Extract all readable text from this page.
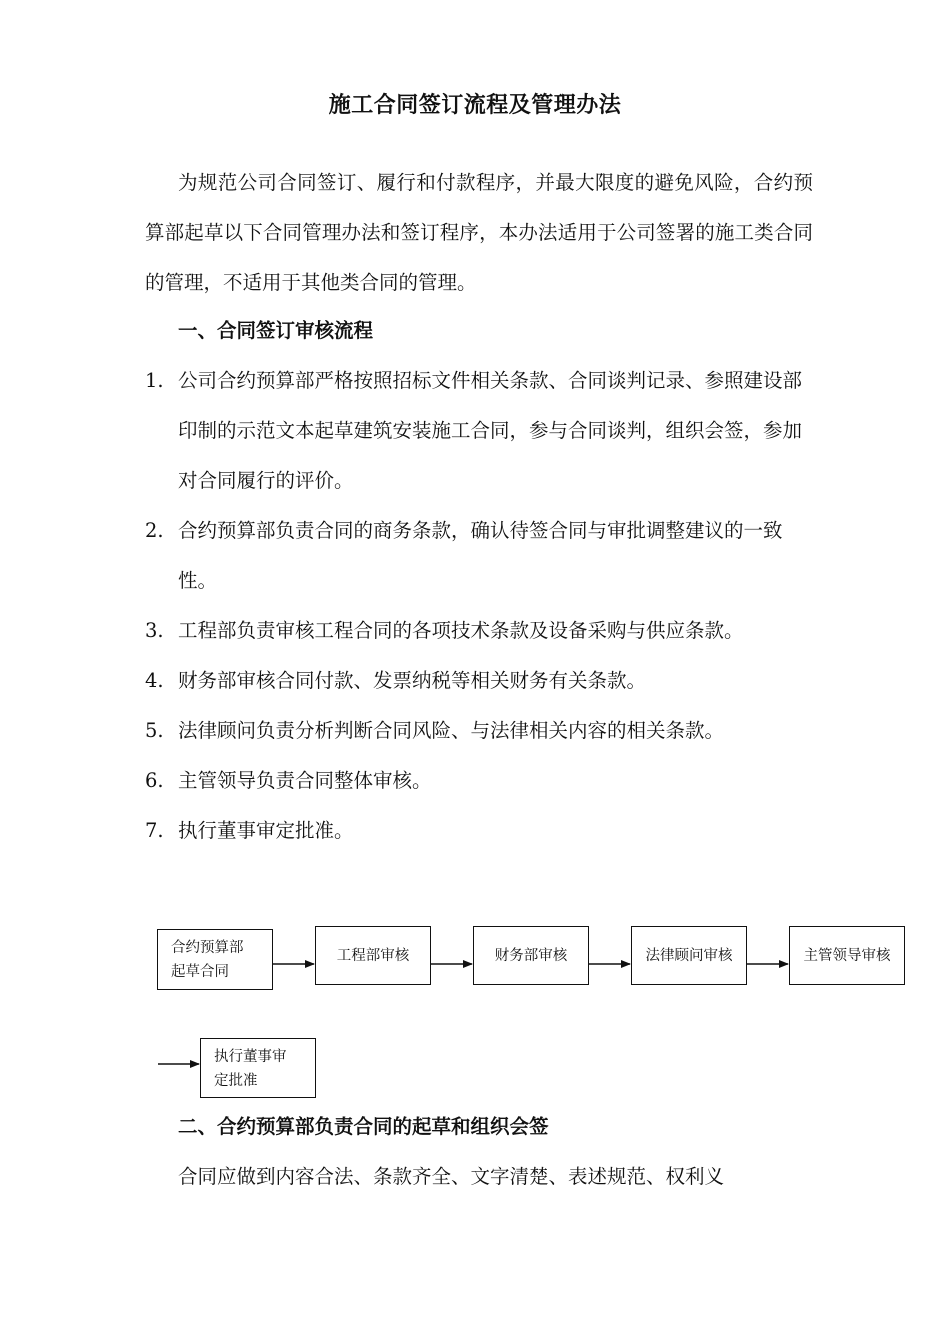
施工合同签订流程及管理办法
为规范公司合同签订、履行和付款程序，并最大限度的避免风险，合约预算部起草以下合同管理办法和签订程序，本办法适用于公司签署的施工类合同的管理，不适用于其他类合同的管理。
一、合同签订审核流程
1. 公司合约预算部严格按照招标文件相关条款、合同谈判记录、参照建设部印制的示范文本起草建筑安装施工合同，参与合同谈判，组织会签，参加对合同履行的评价。
2. 合约预算部负责合同的商务条款，确认待签合同与审批调整建议的一致性。
3. 工程部负责审核工程合同的各项技术条款及设备采购与供应条款。
4. 财务部审核合同付款、发票纳税等相关财务有关条款。
5. 法律顾问负责分析判断合同风险、与法律相关内容的相关条款。
6. 主管领导负责合同整体审核。
7. 执行董事审定批准。
合约预算部
起草合同
工程部审核	财务部审核	法律顾问审核	主管领导审核
执行董事审
定批准
二、合约预算部负责合同的起草和组织会签
合同应做到内容合法、条款齐全、文字清楚、表述规范、权利义
